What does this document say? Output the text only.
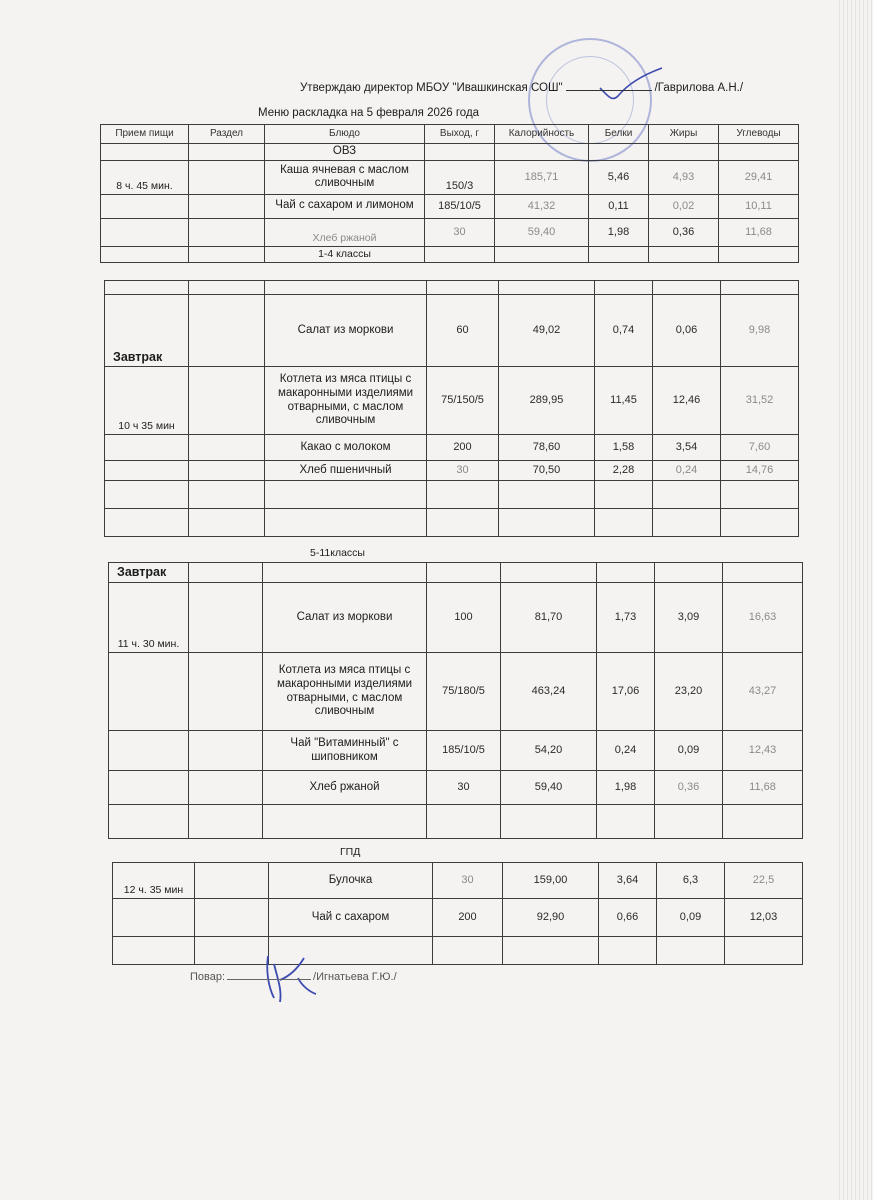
Утверждаю директор МБОУ "Ивашкинская СОШ"	/Гаврилова А.Н./
Меню раскладка на 5 февраля 2026 года
Прием пищи	Раздел	Блюдо	Выход, г	Калорийность	Белки	Жиры	Углеводы
		ОВЗ					
8 ч. 45 мин.		Каша ячневая с маслом сливочным	150/3	185,71	5,46	4,93	29,41
		Чай с сахаром и лимоном	185/10/5	41,32	0,11	0,02	10,11
		Хлеб ржаной	30	59,40	1,98	0,36	11,68
		1-4 классы					

Завтрак		Салат из моркови	60	49,02	0,74	0,06	9,98
10 ч 35 мин		Котлета из мяса птицы с макаронными изделиями отварными, с маслом сливочным	75/150/5	289,95	11,45	12,46	31,52
		Какао с молоком	200	78,60	1,58	3,54	7,60
		Хлеб пшеничный	30	70,50	2,28	0,24	14,76

5-11классы
Завтрак							
11 ч. 30 мин.		Салат из моркови	100	81,70	1,73	3,09	16,63
		Котлета из мяса птицы с макаронными изделиями отварными, с маслом сливочным	75/180/5	463,24	17,06	23,20	43,27
		Чай "Витаминный" с шиповником	185/10/5	54,20	0,24	0,09	12,43
		Хлеб ржаной	30	59,40	1,98	0,36	11,68

ГПД
12 ч. 35 мин		Булочка	30	159,00	3,64	6,3	22,5
		Чай с сахаром	200	92,90	0,66	0,09	12,03

Повар:	/Игнатьева Г.Ю./
